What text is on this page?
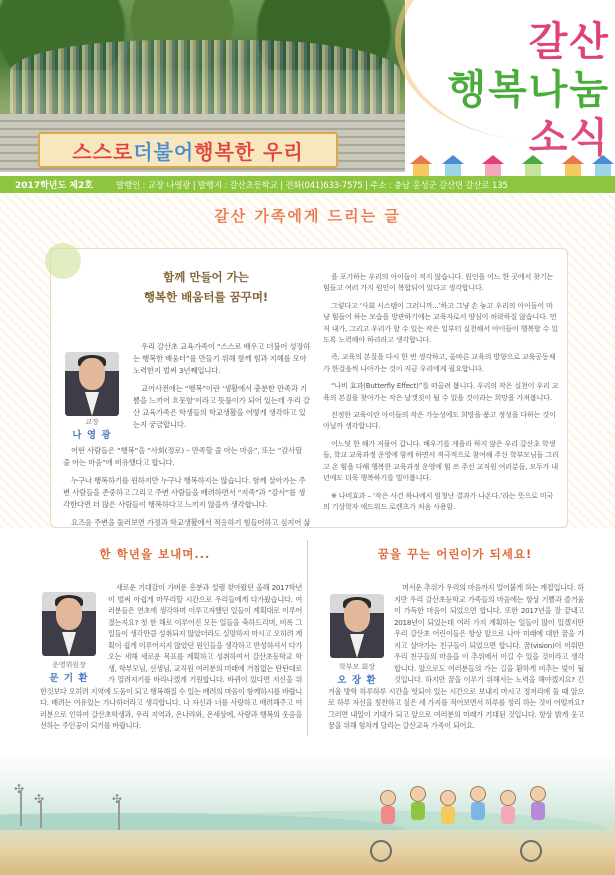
스스로 더불어 행복한 우리
갈산
행복나눔
소식
2017학년도 제2호	발행인 : 교장 나영광 | 발행지 : 갈산초등학교 | 전화(041)633-7575 | 주소 : 충남 홍성군 갈산면 갈산로 135
갈산 가족에게 드리는 글
함께 만들어 가는
행복한 배움터를 꿈꾸며!
교장
나 영 광

우리 갈산초 교육가족이 “스스로 배우고 더불어 성장하는 행복한 배움터”를 만들기 위해 함께 힘과 지혜를 모아 노력한지 벌써 3년째입니다.

교어사전에는 “행복”이란 ‘생활에서 충분한 만족과 기쁨을 느끼어 흐뭇함’이라고 뜻풀이가 되어 있는데 우리 갈산 교육가족은 학생들의 학교생활을 어떻게 생각하고 있는지 궁금합니다.

어떤 사람들은 “행복”을 “사회(정로) – 만족할 줄 아는 마음”, 또는 “감사할 줄 아는 마음”에 비유했다고 합니다.

누구나 행복하기를 원하지만 누구나 행복하지는 않습니다. 함께 살아가는 주변 사람들을 존중하고 그리고 주변 사람들을 배려하면서 “지족”과 “감사”를 생각한다면 더 많은 사람들이 행복하다고 느끼지 않을까 생각합니다.

요즈음 주변을 둘러보면 가정과 학교생활에서 적응하기 힘들어하고 심지어 삶

을 포기하는 우리의 아이들이 적지 않습니다. 원인을 어느 한 곳에서 찾기는 힘들고 여러 가지 원인이 복합되어 있다고 생각합니다.

그렇다고 ‘사회 시스템이 그러니까...’하고 그냥 손 놓고 우리의 아이들이 마냥 힘들어 하는 모습을 방관하기에는 교육자로서 양심이 허락하질 않습니다. 먼저 내가, 그리고 우리가 할 수 있는 작은 일부터 실천해서 아이들이 행복할 수 있도록 노력해야 하리라고 생각합니다.

즉, 교육의 본질을 다시 한 번 생각하고, 올바른 교육의 방향으로 교육공동체가 한걸음씩 나아가는 것이 지금 우리에게 필요합니다.

“나비 효과(Butterfly Effect)”를 떠올려 봅니다. 우리의 작은 실천이 우리 교육의 본질을 찾아가는 작은 날갯짓이 될 수 있을 것이라는 희망을 가져봅니다.

진정한 교육이란 아이들의 작은 가능성에도 희망을 품고 정성을 다하는 것이 아닐까 생각합니다.

어느덧 한 해가 저물어 갑니다. 배우기를 게을리 하지 않은 우리 갈산초 학생들, 학교 교육과정 운영에 함께 하면서 적극적으로 참여해 주신 학부모님들 그리고 온 힘을 다해 행복한 교육과정 운영에 힘 쓰 주신 교직원 여러분들, 모두가 내년에도 더욱 행복하기를 빌어봅니다.

※ 나비효과 – ‘작은 사건 하나에서 엄청난 결과가 나온다.’라는 뜻으로 미국의 기상학자 에드워드 로렌츠가 처음 사용함.

한 학년을 보내며...
운영위원장
문 기 환

새로운 기대감이 가벼운 흥분과 설렘 찾아왔던 올해 2017학년이 벌써 아쉽게 마무리할 시간으로 우리들에게 다가왔습니다. 여러분들은 연초에 생각하며 이루고자했던 일들이 계획대로 이루어 졌는지요? 첫 한 해로 이루어진 모든 일들을 축하드리며, 비록 그 일들이 생각만큼 성취되지 않았더라도 실망하지 마시고 오히려 계획이 쉽게 이루어지지 않았던 원인들을 생각하고 반성하셔서 다가오는 새해 새로운 목표를 계획하고 성취하여서 갈산초등학교 학생, 학부모님, 선생님, 교직원 여러분의 미래에 거침없는 탄탄대로가 열려지기를 바라나겠게 기원합니다. 바뀌이 있다면 지신을 위한것보다 오히려 지역에 도움이 되고 행복해질 수 있는 배려의 마음이 함께하시를 바랍니다. 배려는 여유있는 가나하더라고 생각합니다. 나 자신과 너를 사랑하고 배려해주고 여러분으로 인하여 갈산초학생과, 우리 지역과, 온나라와, 온세상에, 사랑과 행복의 웃음을 선하는 주인공이 되기를 바랍니다.

꿈을 꾸는 어린이가 되세요!
학부모 회장
오 장 환

며서운 추위가 우리의 마음까지 얼어붙게 하는 계절입니다. 하지만 우리 갈산초등학교 가족들의 마음에는 항상 기쁨과 즐거움이 가득한 마음이 되었으면 합니다. 또한 2017년을 잘 끝내고 2018년이 되었는데 여러 가지 계획하는 일들이 많이 있겠지만 우리 갈산초 어린이들은 항상 앞으로 나아 미래에 대한 꿈을 가지고 살아가는 친구들이 되었으면 합니다. 꿈(vision)이 이뤄만 우리 친구들의 마음을 이 추위에서 이길 수 있을 것이라고 생각합니다. 앞으로도 여러분들의 가는 길을 환하게 비추는 빛이 될 것입니다. 하지만 꿈을 이루기 위해서는 노력을 해야겠지요? 긴 겨울 방학 하루하루 시간을 헛되이 있는 시간으로 보내지 마시고 정저리에 둘 때 앞으로 하루 자신을 칭찬하고 싶은 세 가지를 적어보면서 하루를 정리 하는 것이 어떨까요? 그러면 내일이 기대가 되고 앞으로 여러분의 미래가 기대된 것입니다. 항상 밝게 웃고 꿈을 위해 힘차게 달리는 갈산교육 가족이 되어요.

✣
✣
✣
